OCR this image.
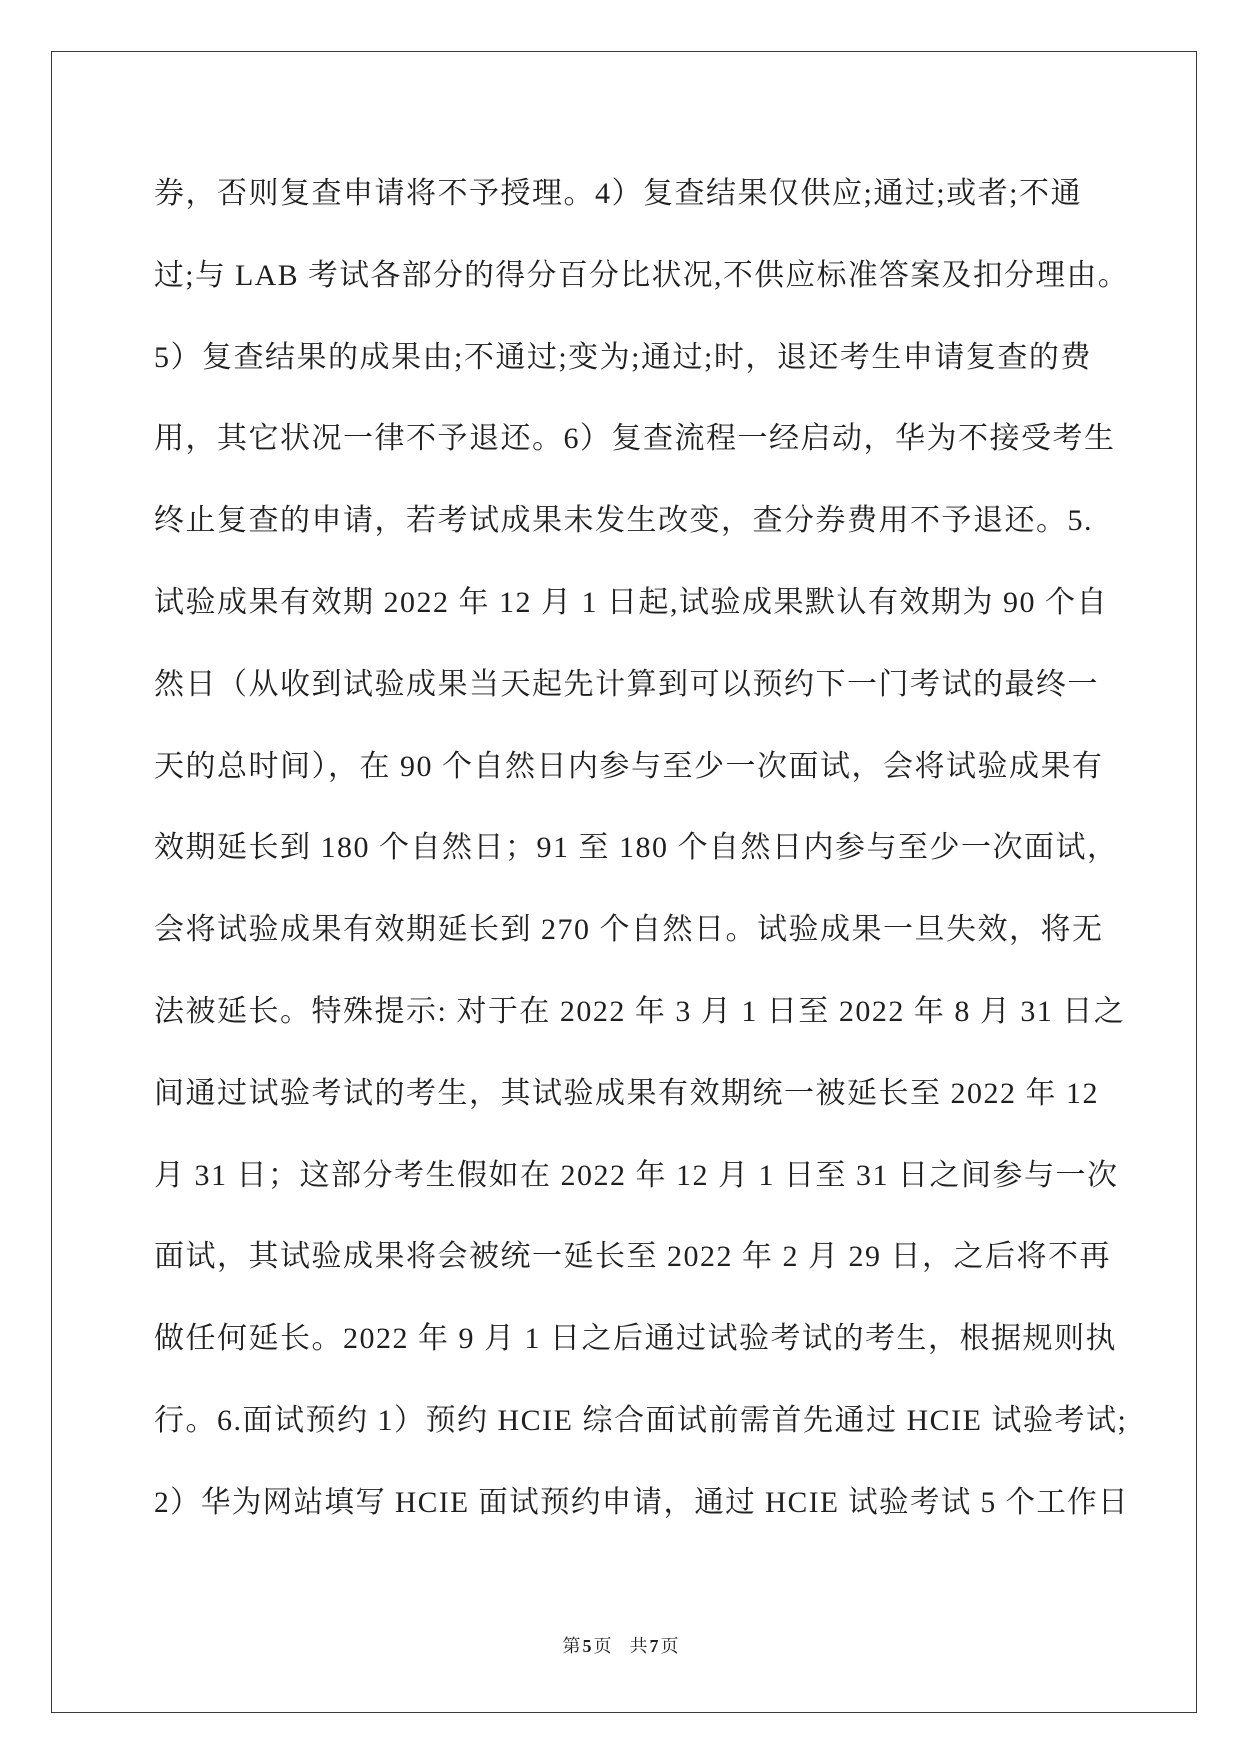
券，否则复查申请将不予授理。4）复查结果仅供应;通过;或者;不通
过;与 LAB 考试各部分的得分百分比状况,不供应标准答案及扣分理由。
5）复查结果的成果由;不通过;变为;通过;时，退还考生申请复查的费
用，其它状况一律不予退还。6）复查流程一经启动，华为不接受考生
终止复查的申请，若考试成果未发生改变，查分券费用不予退还。5.
试验成果有效期 2022 年 12 月 1 日起,试验成果默认有效期为 90 个自
然日（从收到试验成果当天起先计算到可以预约下一门考试的最终一
天的总时间），在 90 个自然日内参与至少一次面试，会将试验成果有
效期延长到 180 个自然日；91 至 180 个自然日内参与至少一次面试，
会将试验成果有效期延长到 270 个自然日。试验成果一旦失效，将无
法被延长。特殊提示: 对于在 2022 年 3 月 1 日至 2022 年 8 月 31 日之
间通过试验考试的考生，其试验成果有效期统一被延长至 2022 年 12
月 31 日；这部分考生假如在 2022 年 12 月 1 日至 31 日之间参与一次
面试，其试验成果将会被统一延长至 2022 年 2 月 29 日，之后将不再
做任何延长。2022 年 9 月 1 日之后通过试验考试的考生，根据规则执
行。6.面试预约 1）预约 HCIE 综合面试前需首先通过 HCIE 试验考试;
2）华为网站填写 HCIE 面试预约申请，通过 HCIE 试验考试 5 个工作日
第 5 页 共 7 页
